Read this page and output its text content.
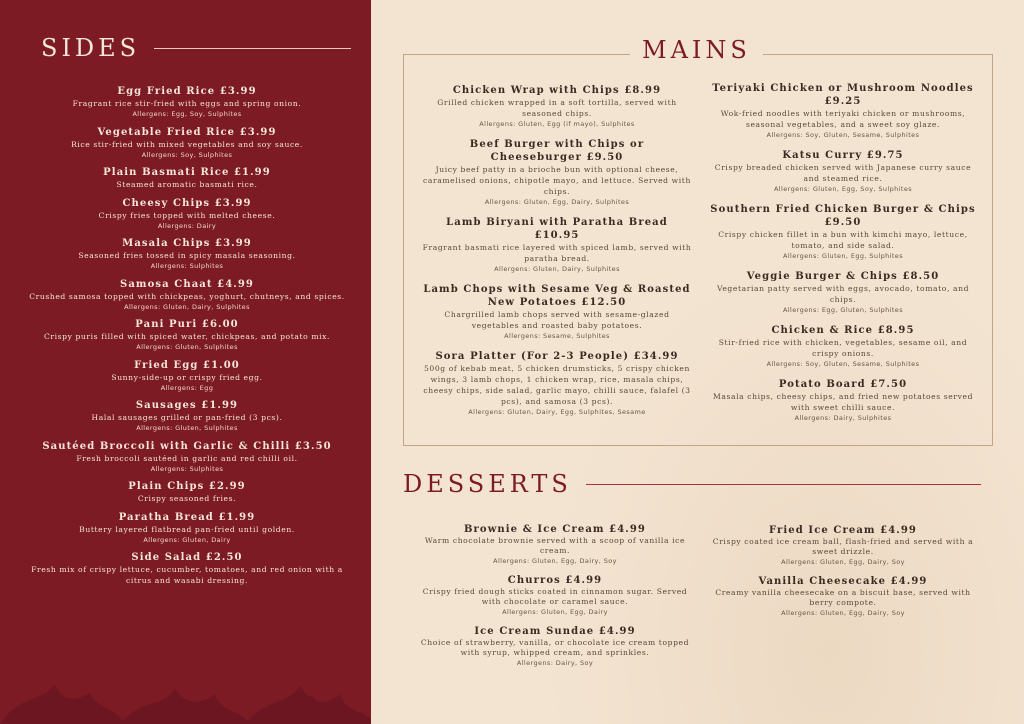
SIDES
Egg Fried Rice £3.99
Fragrant rice stir-fried with eggs and spring onion.
Allergens: Egg, Soy, Sulphites
Vegetable Fried Rice £3.99
Rice stir-fried with mixed vegetables and soy sauce.
Allergens: Soy, Sulphites
Plain Basmati Rice £1.99
Steamed aromatic basmati rice.
Cheesy Chips £3.99
Crispy fries topped with melted cheese.
Allergens: Dairy
Masala Chips £3.99
Seasoned fries tossed in spicy masala seasoning.
Allergens: Sulphites
Samosa Chaat £4.99
Crushed samosa topped with chickpeas, yoghurt, chutneys, and spices.
Allergens: Gluten, Dairy, Sulphites
Pani Puri £6.00
Crispy puris filled with spiced water, chickpeas, and potato mix.
Allergens: Gluten, Sulphites
Fried Egg £1.00
Sunny-side-up or crispy fried egg.
Allergens: Egg
Sausages £1.99
Halal sausages grilled or pan-fried (3 pcs).
Allergens: Gluten, Sulphites
Sautéed Broccoli with Garlic & Chilli £3.50
Fresh broccoli sautéed in garlic and red chilli oil.
Allergens: Sulphites
Plain Chips £2.99
Crispy seasoned fries.
Paratha Bread £1.99
Buttery layered flatbread pan-fried until golden.
Allergens: Gluten, Dairy
Side Salad £2.50
Fresh mix of crispy lettuce, cucumber, tomatoes, and red onion with a citrus and wasabi dressing.
MAINS
Chicken Wrap with Chips £8.99
Grilled chicken wrapped in a soft tortilla, served with seasoned chips.
Allergens: Gluten, Egg (if mayo), Sulphites
Beef Burger with Chips or Cheeseburger £9.50
Juicy beef patty in a brioche bun with optional cheese, caramelised onions, chipotle mayo, and lettuce. Served with chips.
Allergens: Gluten, Egg, Dairy, Sulphites
Lamb Biryani with Paratha Bread £10.95
Fragrant basmati rice layered with spiced lamb, served with paratha bread.
Allergens: Gluten, Dairy, Sulphites
Lamb Chops with Sesame Veg & Roasted New Potatoes £12.50
Chargrilled lamb chops served with sesame-glazed vegetables and roasted baby potatoes.
Allergens: Sesame, Sulphites
Sora Platter (For 2-3 People) £34.99
500g of kebab meat, 5 chicken drumsticks, 5 crispy chicken wings, 3 lamb chops, 1 chicken wrap, rice, masala chips, cheesy chips, side salad, garlic mayo, chilli sauce, falafel (3 pcs), and samosa (3 pcs).
Allergens: Gluten, Dairy, Egg, Sulphites, Sesame
Teriyaki Chicken or Mushroom Noodles £9.25
Wok-fried noodles with teriyaki chicken or mushrooms, seasonal vegetables, and a sweet soy glaze.
Allergens: Soy, Gluten, Sesame, Sulphites
Katsu Curry £9.75
Crispy breaded chicken served with Japanese curry sauce and steamed rice.
Allergens: Gluten, Egg, Soy, Sulphites
Southern Fried Chicken Burger & Chips £9.50
Crispy chicken fillet in a bun with kimchi mayo, lettuce, tomato, and side salad.
Allergens: Gluten, Egg, Sulphites
Veggie Burger & Chips £8.50
Vegetarian patty served with eggs, avocado, tomato, and chips.
Allergens: Egg, Gluten, Sulphites
Chicken & Rice £8.95
Stir-fried rice with chicken, vegetables, sesame oil, and crispy onions.
Allergens: Soy, Gluten, Sesame, Sulphites
Potato Board £7.50
Masala chips, cheesy chips, and fried new potatoes served with sweet chilli sauce.
Allergens: Dairy, Sulphites
DESSERTS
Brownie & Ice Cream £4.99
Warm chocolate brownie served with a scoop of vanilla ice cream.
Allergens: Gluten, Egg, Dairy, Soy
Churros £4.99
Crispy fried dough sticks coated in cinnamon sugar. Served with chocolate or caramel sauce.
Allergens: Gluten, Egg, Dairy
Ice Cream Sundae £4.99
Choice of strawberry, vanilla, or chocolate ice cream topped with syrup, whipped cream, and sprinkles.
Allergens: Dairy, Soy
Fried Ice Cream £4.99
Crispy coated ice cream ball, flash-fried and served with a sweet drizzle.
Allergens: Gluten, Egg, Dairy, Soy
Vanilla Cheesecake £4.99
Creamy vanilla cheesecake on a biscuit base, served with berry compote.
Allergens: Gluten, Egg, Dairy, Soy
